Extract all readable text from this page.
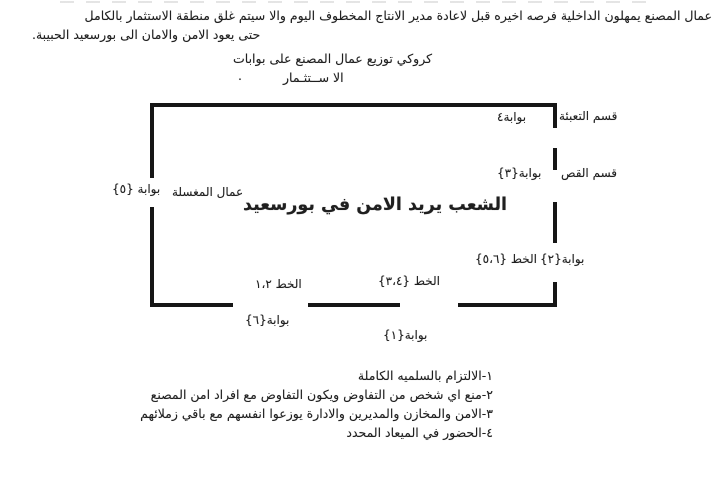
عمال المصنع يمهلون الداخلية فرصه اخيره قبل لاعادة مدير الانتاج المخطوف اليوم والا سيتم غلق منطقة الاستثمار بالكامل
حتى يعود الامن والامان الى بورسعيد الحبيبة.
كروكي توزيع عمال المصنع على بوابات
الا ســتثـمار
.
الشعب يريد الامن في بورسعيد
بوابة٤	قسم التعبئة
بوابة{٣} قسم القص
الخط {٥،٦} بوابة{٢}
بوابة {٥} عمال المغسلة
الخط {٣،٤}
الخط ١،٢
بوابة{٦}
بوابة{١}
١-الالتزام بالسلميه الكاملة
٢-منع اي شخص من التفاوض ويكون التفاوض مع افراد امن المصنع
٣-الامن والمخازن والمديرين والادارة يوزعوا انفسهم مع باقي زملائهم
٤-الحضور في الميعاد المحدد
